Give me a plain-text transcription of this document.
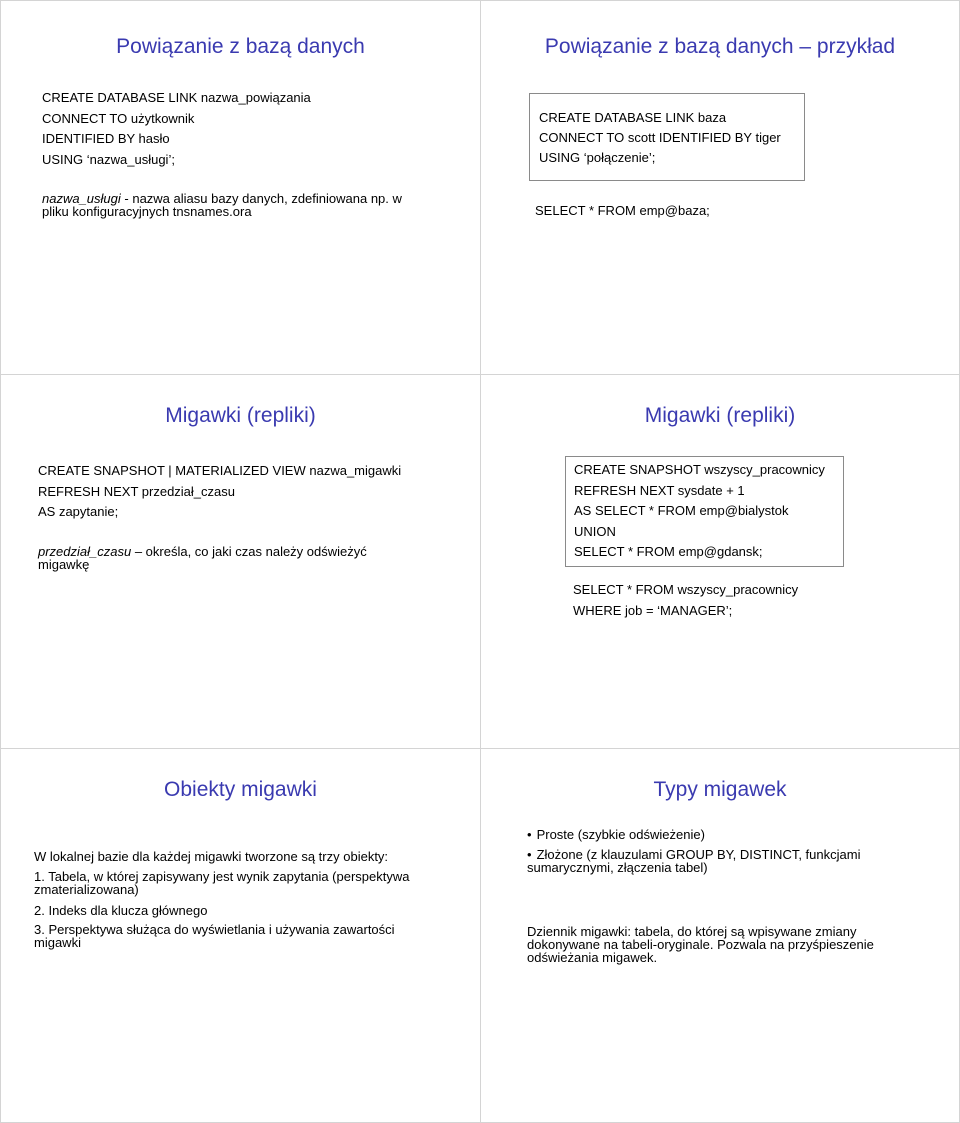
Powiązanie z bazą danych
CREATE DATABASE LINK nazwa_powiązania
CONNECT TO użytkownik
IDENTIFIED BY hasło
USING ‘nazwa_usługi’;
nazwa_usługi - nazwa aliasu bazy danych, zdefiniowana np. w pliku konfiguracyjnych tnsnames.ora
Powiązanie z bazą danych – przykład
CREATE DATABASE LINK baza
CONNECT TO scott IDENTIFIED BY tiger
USING ‘połączenie’;
SELECT * FROM emp@baza;
Migawki (repliki)
CREATE SNAPSHOT | MATERIALIZED VIEW nazwa_migawki
REFRESH NEXT przedział_czasu
AS zapytanie;
przedział_czasu – określa, co jaki czas należy odświeżyć migawkę
Migawki (repliki)
CREATE SNAPSHOT wszyscy_pracownicy
REFRESH NEXT sysdate + 1
AS SELECT * FROM emp@bialystok
UNION
SELECT * FROM emp@gdansk;
SELECT * FROM wszyscy_pracownicy
WHERE job = ‘MANAGER’;
Obiekty migawki
W lokalnej bazie dla każdej migawki tworzone są trzy obiekty:
1. Tabela, w której zapisywany jest wynik zapytania (perspektywa zmaterializowana)
2. Indeks dla klucza głównego
3. Perspektywa służąca do wyświetlania i używania zawartości migawki
Typy migawek
• Proste (szybkie odświeżenie)
• Złożone (z klauzulami GROUP BY, DISTINCT, funkcjami sumarycznymi, złączenia tabel)
Dziennik migawki: tabela, do której są wpisywane zmiany dokonywane na tabeli-oryginale. Pozwala na przyśpieszenie odświeżania migawek.
